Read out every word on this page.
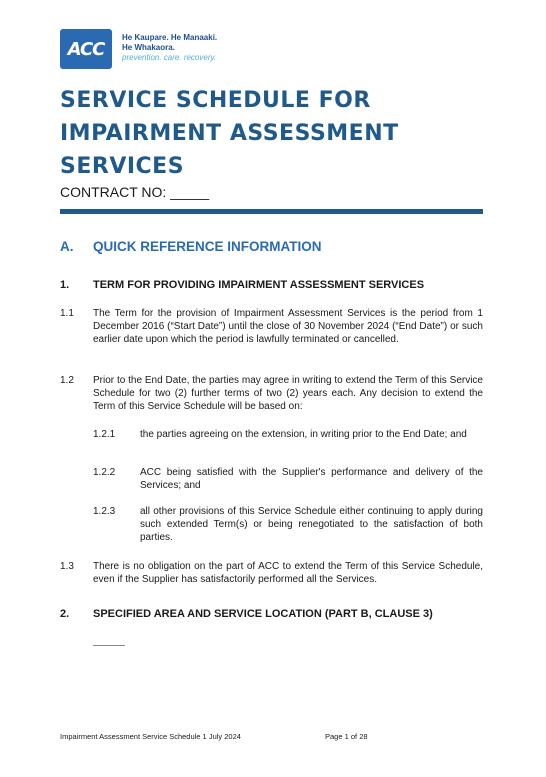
ACC
He Kaupare. He Manaaki.
He Whakaora.
prevention. care. recovery.
SERVICE SCHEDULE FOR IMPAIRMENT ASSESSMENT SERVICES
CONTRACT NO: _____
A. QUICK REFERENCE INFORMATION
1. TERM FOR PROVIDING IMPAIRMENT ASSESSMENT SERVICES
1.1 The Term for the provision of Impairment Assessment Services is the period from 1 December 2016 (“Start Date”) until the close of 30 November 2024 (“End Date”) or such earlier date upon which the period is lawfully terminated or cancelled.
1.2 Prior to the End Date, the parties may agree in writing to extend the Term of this Service Schedule for two (2) further terms of two (2) years each. Any decision to extend the Term of this Service Schedule will be based on:
1.2.1 the parties agreeing on the extension, in writing prior to the End Date; and
1.2.2 ACC being satisfied with the Supplier's performance and delivery of the Services; and
1.2.3 all other provisions of this Service Schedule either continuing to apply during such extended Term(s) or being renegotiated to the satisfaction of both parties.
1.3 There is no obligation on the part of ACC to extend the Term of this Service Schedule, even if the Supplier has satisfactorily performed all the Services.
2. SPECIFIED AREA AND SERVICE LOCATION (PART B, CLAUSE 3)
Impairment Assessment Service Schedule 1 July 2024	Page 1 of 28
